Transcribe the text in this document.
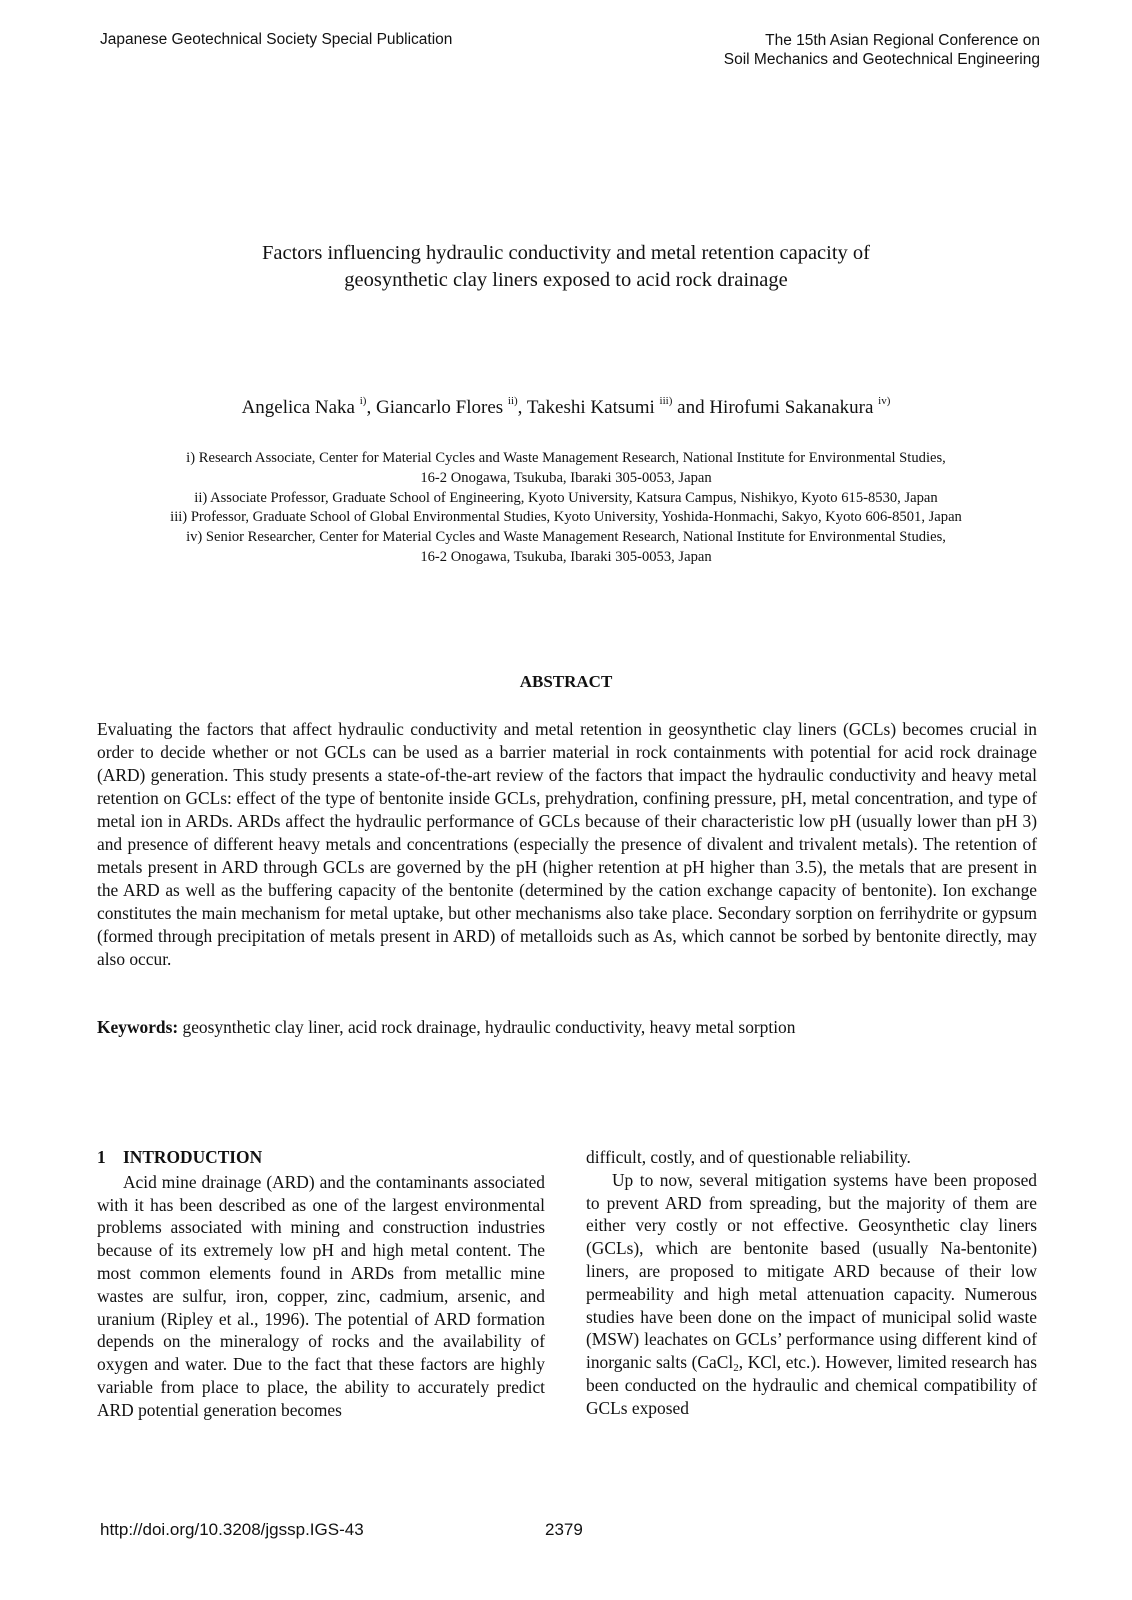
Japanese Geotechnical Society Special Publication	The 15th Asian Regional Conference on
Soil Mechanics and Geotechnical Engineering
Factors influencing hydraulic conductivity and metal retention capacity of
geosynthetic clay liners exposed to acid rock drainage
Angelica Naka $^{i)}$, Giancarlo Flores $^{ii)}$, Takeshi Katsumi $^{iii)}$ and Hirofumi Sakanakura $^{iv)}$
i) Research Associate, Center for Material Cycles and Waste Management Research, National Institute for Environmental Studies,
16-2 Onogawa, Tsukuba, Ibaraki 305-0053, Japan
ii) Associate Professor, Graduate School of Engineering, Kyoto University, Katsura Campus, Nishikyo, Kyoto 615-8530, Japan
iii) Professor, Graduate School of Global Environmental Studies, Kyoto University, Yoshida-Honmachi, Sakyo, Kyoto 606-8501, Japan
iv) Senior Researcher, Center for Material Cycles and Waste Management Research, National Institute for Environmental Studies,
16-2 Onogawa, Tsukuba, Ibaraki 305-0053, Japan
ABSTRACT
Evaluating the factors that affect hydraulic conductivity and metal retention in geosynthetic clay liners (GCLs) becomes crucial in order to decide whether or not GCLs can be used as a barrier material in rock containments with potential for acid rock drainage (ARD) generation. This study presents a state-of-the-art review of the factors that impact the hydraulic conductivity and heavy metal retention on GCLs: effect of the type of bentonite inside GCLs, prehydration, confining pressure, pH, metal concentration, and type of metal ion in ARDs. ARDs affect the hydraulic performance of GCLs because of their characteristic low pH (usually lower than pH 3) and presence of different heavy metals and concentrations (especially the presence of divalent and trivalent metals). The retention of metals present in ARD through GCLs are governed by the pH (higher retention at pH higher than 3.5), the metals that are present in the ARD as well as the buffering capacity of the bentonite (determined by the cation exchange capacity of bentonite). Ion exchange constitutes the main mechanism for metal uptake, but other mechanisms also take place. Secondary sorption on ferrihydrite or gypsum (formed through precipitation of metals present in ARD) of metalloids such as As, which cannot be sorbed by bentonite directly, may also occur.
Keywords: geosynthetic clay liner, acid rock drainage, hydraulic conductivity, heavy metal sorption
1 INTRODUCTION

Acid mine drainage (ARD) and the contaminants associated with it has been described as one of the largest environmental problems associated with mining and construction industries because of its extremely low pH and high metal content. The most common elements found in ARDs from metallic mine wastes are sulfur, iron, copper, zinc, cadmium, arsenic, and uranium (Ripley et al., 1996). The potential of ARD formation depends on the mineralogy of rocks and the availability of oxygen and water. Due to the fact that these factors are highly variable from place to place, the ability to accurately predict ARD potential generation becomes

difficult, costly, and of questionable reliability.

Up to now, several mitigation systems have been proposed to prevent ARD from spreading, but the majority of them are either very costly or not effective. Geosynthetic clay liners (GCLs), which are bentonite based (usually Na-bentonite) liners, are proposed to mitigate ARD because of their low permeability and high metal attenuation capacity. Numerous studies have been done on the impact of municipal solid waste (MSW) leachates on GCLs’ performance using different kind of inorganic salts (CaCl$_2$, KCl, etc.). However, limited research has been conducted on the hydraulic and chemical compatibility of GCLs exposed

http://doi.org/10.3208/jgssp.IGS-43	2379
